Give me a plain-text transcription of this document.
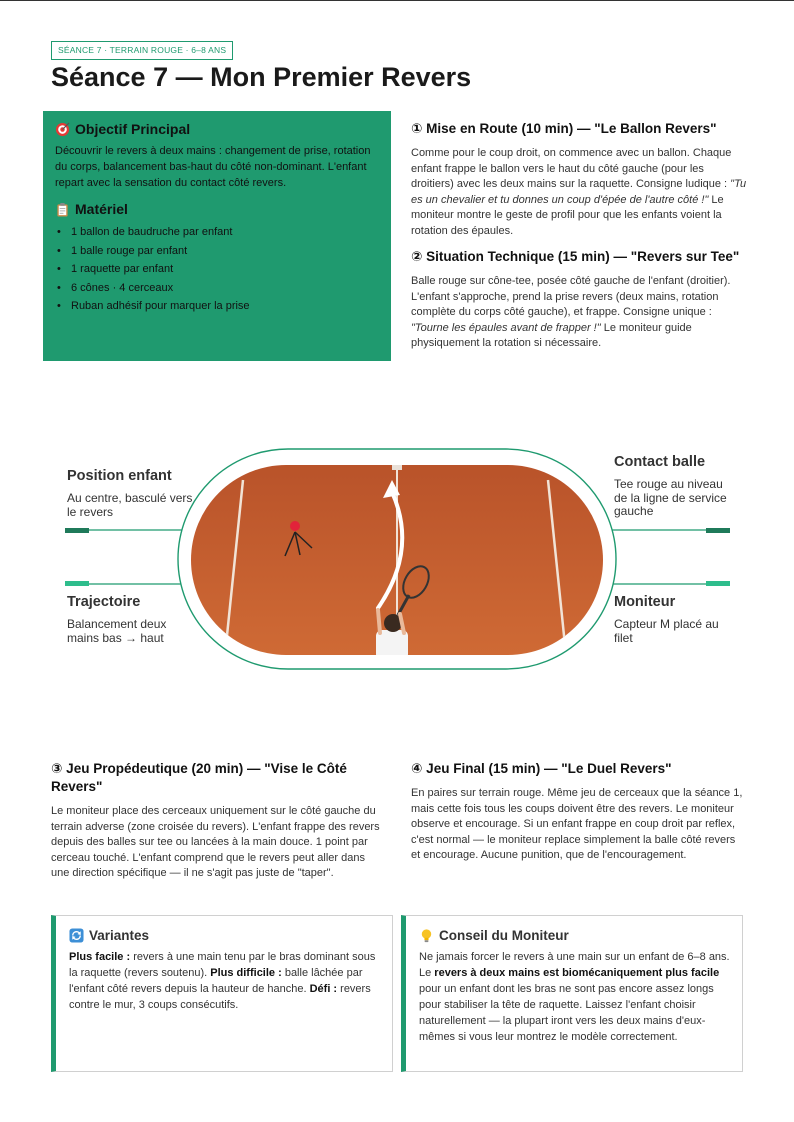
SÉANCE 7 · TERRAIN ROUGE · 6–8 ANS
Séance 7 — Mon Premier Revers
Objectif Principal

Découvrir le revers à deux mains : changement de prise, rotation du corps, balancement bas-haut du côté non-dominant. L'enfant repart avec la sensation du contact côté revers.

Matériel
• 1 ballon de baudruche par enfant
• 1 balle rouge par enfant
• 1 raquette par enfant
• 6 cônes · 4 cerceaux
• Ruban adhésif pour marquer la prise
① Mise en Route (10 min) — "Le Ballon Revers"

Comme pour le coup droit, on commence avec un ballon. Chaque enfant frappe le ballon vers le haut du côté gauche (pour les droitiers) avec les deux mains sur la raquette. Consigne ludique : "Tu es un chevalier et tu donnes un coup d'épée de l'autre côté !" Le moniteur montre le geste de profil pour que les enfants voient la rotation des épaules.

② Situation Technique (15 min) — "Revers sur Tee"

Balle rouge sur cône-tee, posée côté gauche de l'enfant (droitier). L'enfant s'approche, prend la prise revers (deux mains, rotation complète du corps côté gauche), et frappe. Consigne unique : "Tourne les épaules avant de frapper !" Le moniteur guide physiquement la rotation si nécessaire.

Position enfant
Au centre, basculé vers le revers
Trajectoire
Balancement deux mains bas → haut
Contact balle
Tee rouge au niveau de la ligne de service gauche
Moniteur
Capteur M placé au filet
③ Jeu Propédeutique (20 min) — "Vise le Côté Revers"

Le moniteur place des cerceaux uniquement sur le côté gauche du terrain adverse (zone croisée du revers). L'enfant frappe des revers depuis des balles sur tee ou lancées à la main douce. 1 point par cerceau touché. L'enfant comprend que le revers peut aller dans une direction spécifique — il ne s'agit pas juste de "taper".

④ Jeu Final (15 min) — "Le Duel Revers"

En paires sur terrain rouge. Même jeu de cerceaux que la séance 1, mais cette fois tous les coups doivent être des revers. Le moniteur observe et encourage. Si un enfant frappe en coup droit par reflex, c'est normal — le moniteur replace simplement la balle côté revers et encourage. Aucune punition, que de l'encouragement.

Variantes

Plus facile : revers à une main tenu par le bras dominant sous la raquette (revers soutenu). Plus difficile : balle lâchée par l'enfant côté revers depuis la hauteur de hanche. Défi : revers contre le mur, 3 coups consécutifs.

Conseil du Moniteur

Ne jamais forcer le revers à une main sur un enfant de 6–8 ans. Le revers à deux mains est biomécaniquement plus facile pour un enfant dont les bras ne sont pas encore assez longs pour stabiliser la tête de raquette. Laissez l'enfant choisir naturellement — la plupart iront vers les deux mains d'eux-mêmes si vous leur montrez le modèle correctement.
